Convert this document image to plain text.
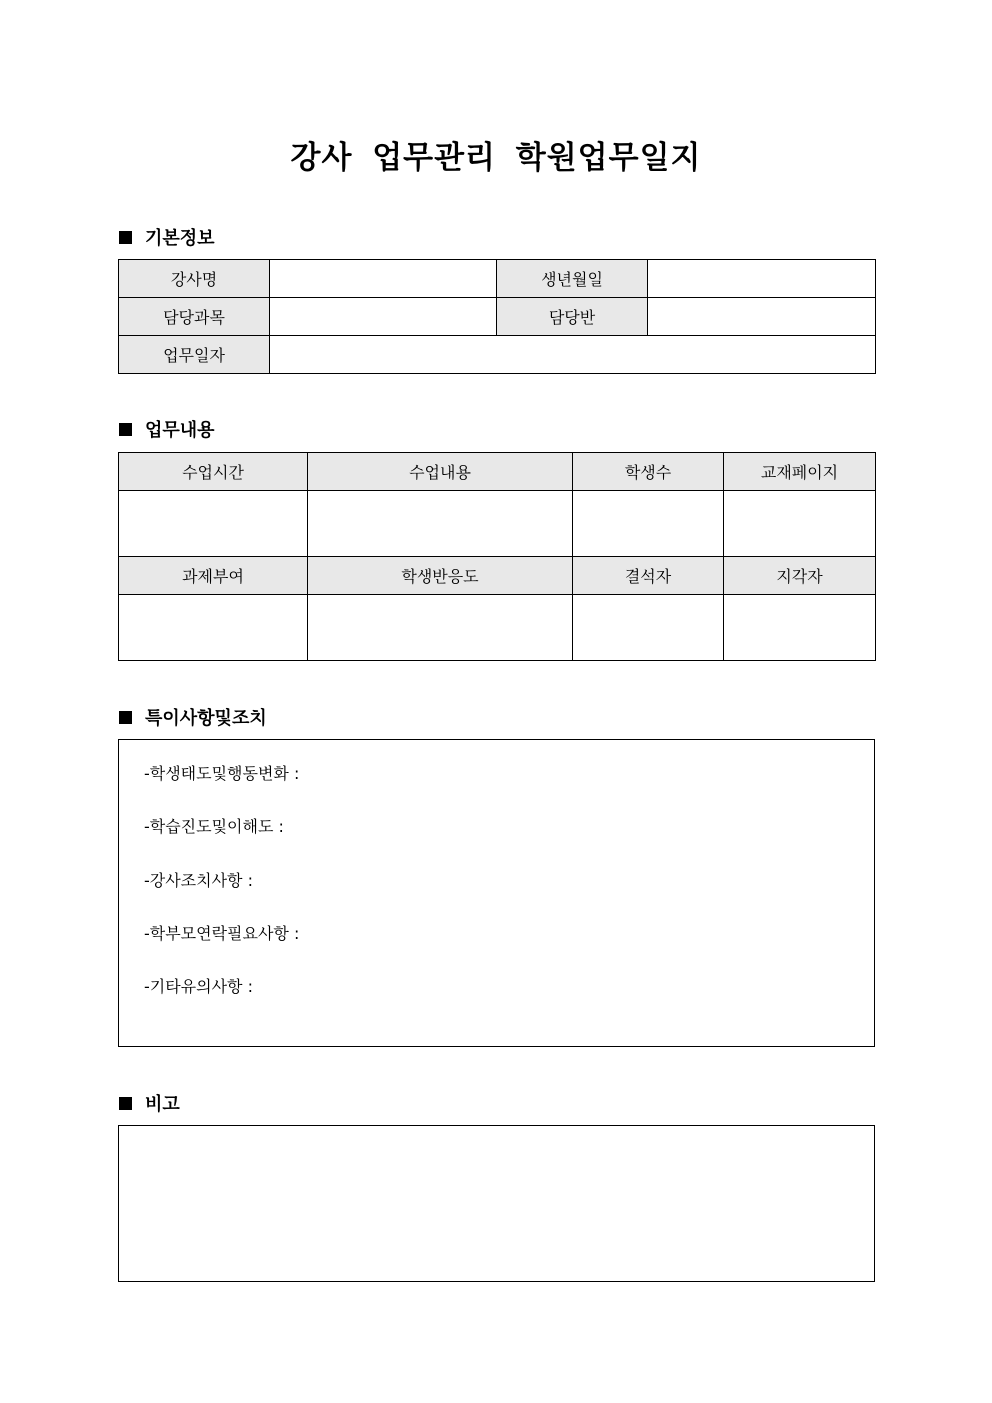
강사 업무관리 학원업무일지
기본정보
강사명		생년월일	
담당과목		담당반	
업무일자			
업무내용
수업시간	수업내용	학생수	교재페이지

과제부여	학생반응도	결석자	지각자

특이사항및조치
-학생태도및행동변화 :
-학습진도및이해도 :
-강사조치사항 :
-학부모연락필요사항 :
-기타유의사항 :
비고
